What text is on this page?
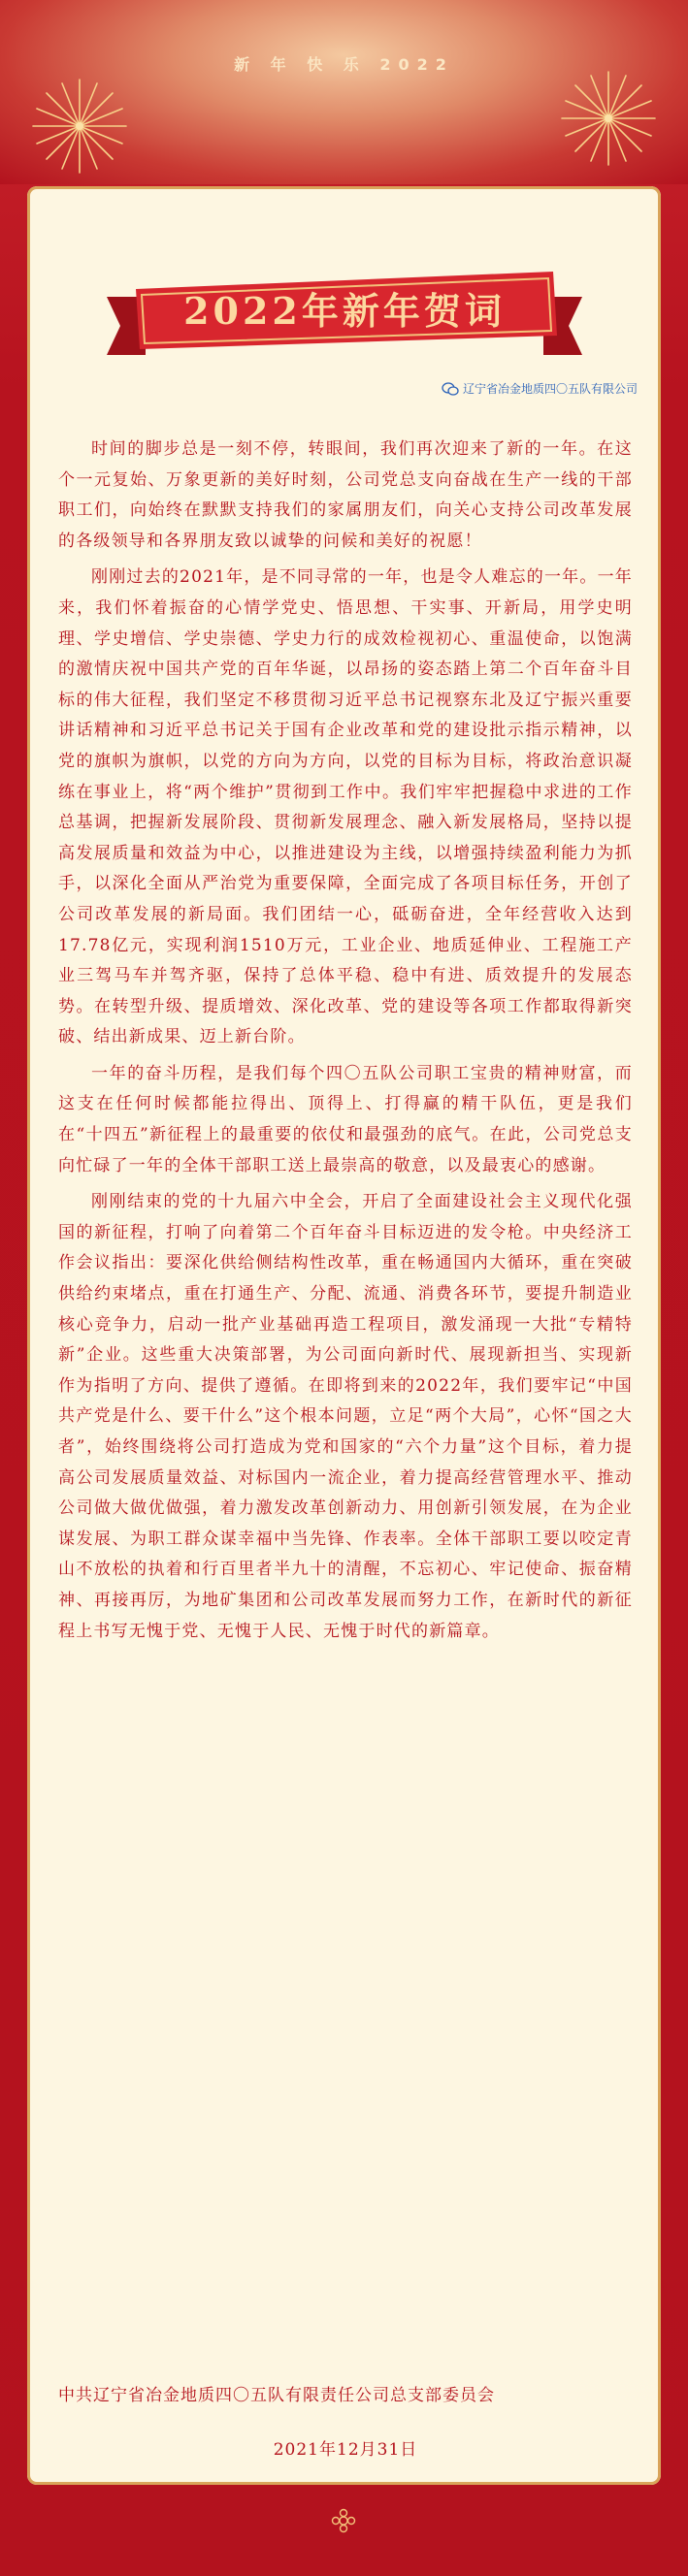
新 年 快 乐 2022
2022年新年贺词
辽宁省冶金地质四〇五队有限公司

时间的脚步总是一刻不停，转眼间，我们再次迎来了新的一年。在这个一元复始、万象更新的美好时刻，公司党总支向奋战在生产一线的干部职工们，向始终在默默支持我们的家属朋友们，向关心支持公司改革发展的各级领导和各界朋友致以诚挚的问候和美好的祝愿！

刚刚过去的2021年，是不同寻常的一年，也是令人难忘的一年。一年来，我们怀着振奋的心情学党史、悟思想、干实事、开新局，用学史明理、学史增信、学史崇德、学史力行的成效检视初心、重温使命，以饱满的激情庆祝中国共产党的百年华诞，以昂扬的姿态踏上第二个百年奋斗目标的伟大征程，我们坚定不移贯彻习近平总书记视察东北及辽宁振兴重要讲话精神和习近平总书记关于国有企业改革和党的建设批示指示精神，以党的旗帜为旗帜，以党的方向为方向，以党的目标为目标，将政治意识凝练在事业上，将“两个维护”贯彻到工作中。我们牢牢把握稳中求进的工作总基调，把握新发展阶段、贯彻新发展理念、融入新发展格局，坚持以提高发展质量和效益为中心，以推进建设为主线，以增强持续盈利能力为抓手，以深化全面从严治党为重要保障，全面完成了各项目标任务，开创了公司改革发展的新局面。我们团结一心，砥砺奋进，全年经营收入达到17.78亿元，实现利润1510万元，工业企业、地质延伸业、工程施工产业三驾马车并驾齐驱，保持了总体平稳、稳中有进、质效提升的发展态势。在转型升级、提质增效、深化改革、党的建设等各项工作都取得新突破、结出新成果、迈上新台阶。

一年的奋斗历程，是我们每个四〇五队公司职工宝贵的精神财富，而这支在任何时候都能拉得出、顶得上、打得赢的精干队伍，更是我们在“十四五”新征程上的最重要的依仗和最强劲的底气。在此，公司党总支向忙碌了一年的全体干部职工送上最崇高的敬意，以及最衷心的感谢。

刚刚结束的党的十九届六中全会，开启了全面建设社会主义现代化强国的新征程，打响了向着第二个百年奋斗目标迈进的发令枪。中央经济工作会议指出：要深化供给侧结构性改革，重在畅通国内大循环，重在突破供给约束堵点，重在打通生产、分配、流通、消费各环节，要提升制造业核心竞争力，启动一批产业基础再造工程项目，激发涌现一大批“专精特新”企业。这些重大决策部署，为公司面向新时代、展现新担当、实现新作为指明了方向、提供了遵循。在即将到来的2022年，我们要牢记“中国共产党是什么、要干什么”这个根本问题，立足“两个大局”，心怀“国之大者”，始终围绕将公司打造成为党和国家的“六个力量”这个目标，着力提高公司发展质量效益、对标国内一流企业，着力提高经营管理水平、推动公司做大做优做强，着力激发改革创新动力、用创新引领发展，在为企业谋发展、为职工群众谋幸福中当先锋、作表率。全体干部职工要以咬定青山不放松的执着和行百里者半九十的清醒，不忘初心、牢记使命、振奋精神、再接再厉，为地矿集团和公司改革发展而努力工作，在新时代的新征程上书写无愧于党、无愧于人民、无愧于时代的新篇章。

中共辽宁省冶金地质四〇五队有限责任公司总支部委员会
2021年12月31日
